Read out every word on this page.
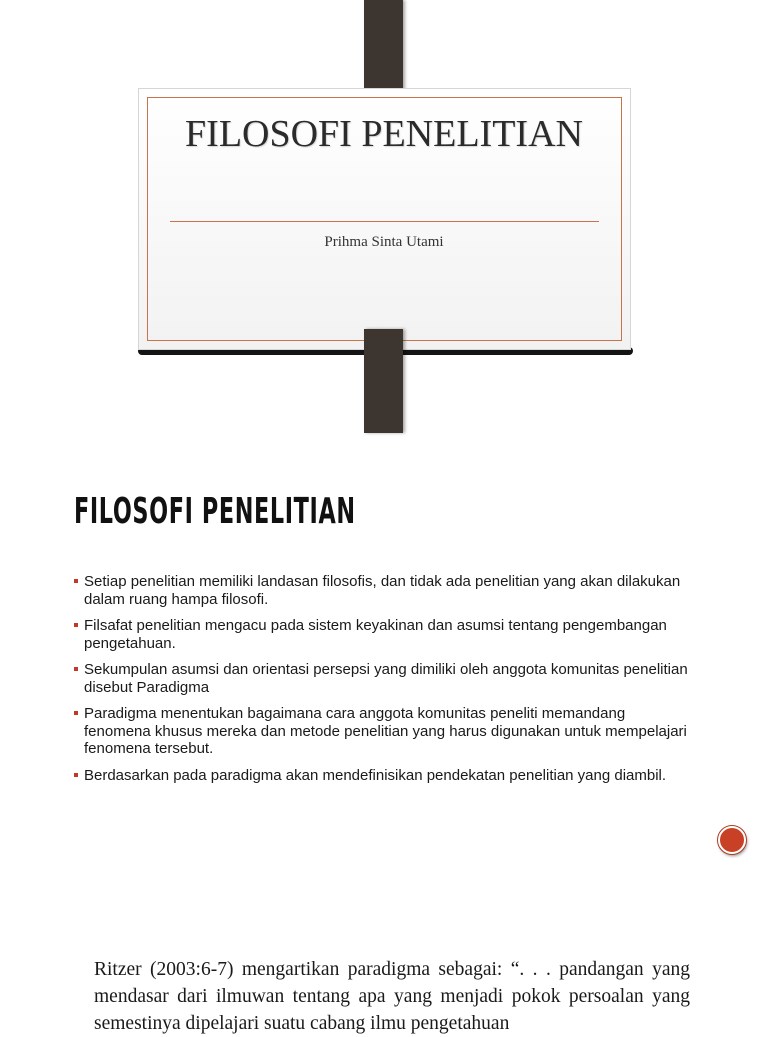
FILOSOFI PENELITIAN

Prihma Sinta Utami

FILOSOFI PENELITIAN
Setiap penelitian memiliki landasan filosofis, dan tidak ada penelitian yang akan dilakukan dalam ruang hampa filosofi.
Filsafat penelitian mengacu pada sistem keyakinan dan asumsi tentang pengembangan pengetahuan.
Sekumpulan asumsi dan orientasi persepsi yang dimiliki oleh anggota komunitas penelitian disebut Paradigma
Paradigma menentukan bagaimana cara anggota komunitas peneliti memandang fenomena khusus mereka dan metode penelitian yang harus digunakan untuk mempelajari fenomena tersebut.
Berdasarkan pada paradigma akan mendefinisikan pendekatan penelitian yang diambil.

Ritzer (2003:6-7) mengartikan paradigma sebagai: “. . . pandangan yang mendasar dari ilmuwan tentang apa yang menjadi pokok persoalan yang semestinya dipelajari suatu cabang ilmu pengetahuan
